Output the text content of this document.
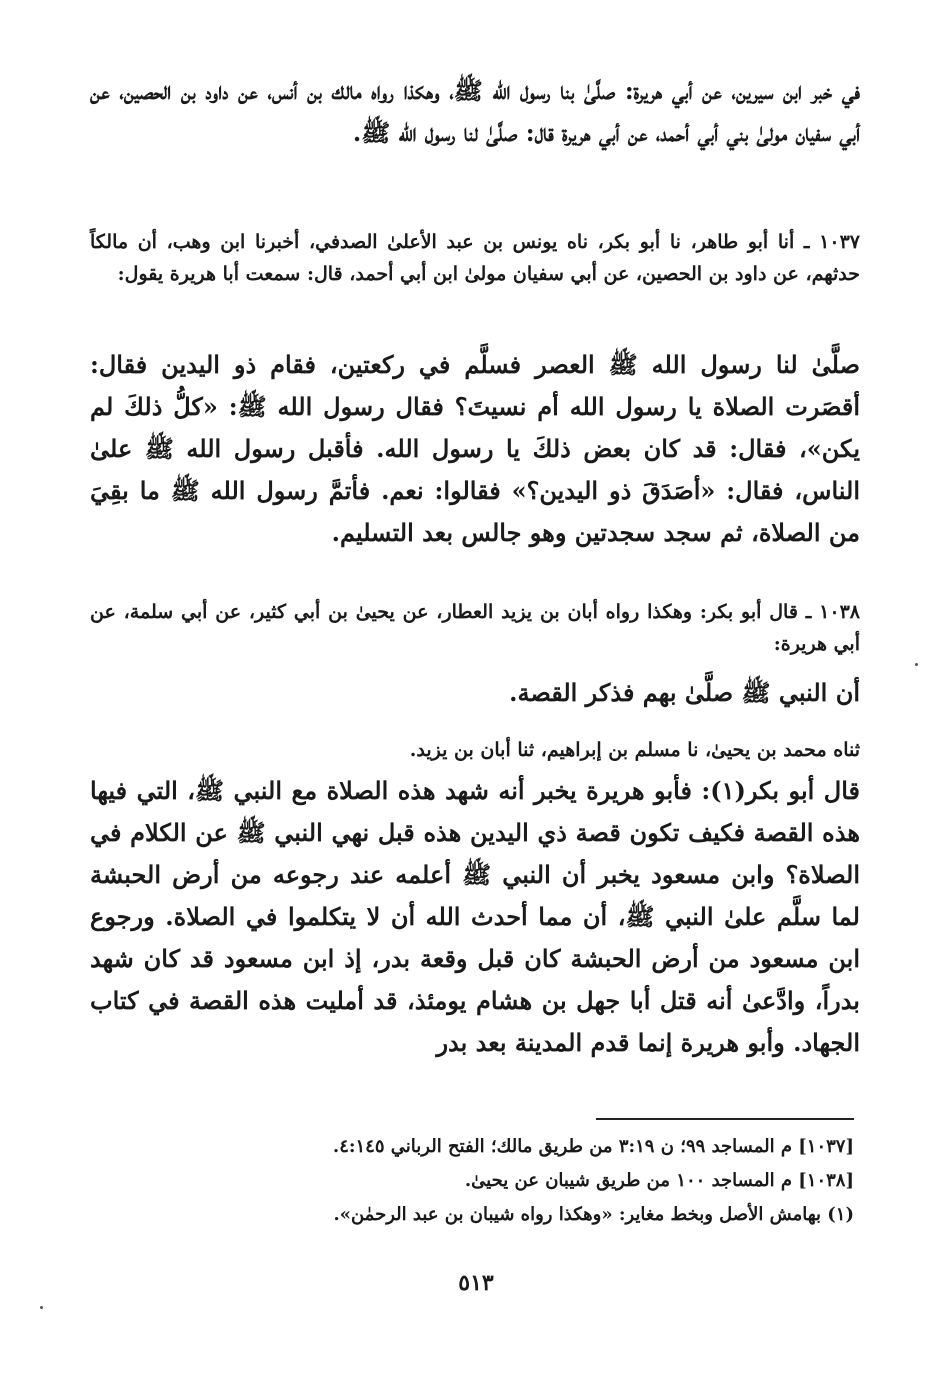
في خبر ابن سيرين، عن أبي هريرة: صلَّىٰ بنا رسول الله ﷺ، وهكذا رواه مالك بن أنس، عن داود بن الحصين، عن أبي سفيان مولىٰ بني أبي أحمد، عن أبي هريرة قال: صلَّىٰ لنا رسول الله ﷺ.

١٠٣٧ ـ أنا أبو طاهر، نا أبو بكر، ناه يونس بن عبد الأعلىٰ الصدفي، أخبرنا ابن وهب، أن مالكاً حدثهم، عن داود بن الحصين، عن أبي سفيان مولىٰ ابن أبي أحمد، قال: سمعت أبا هريرة يقول:

صلَّىٰ لنا رسول الله ﷺ العصر فسلَّم في ركعتين، فقام ذو اليدين فقال: أقصَرت الصلاة يا رسول الله أم نسيتَ؟ فقال رسول الله ﷺ: «كلُّ ذلكَ لم يكن»، فقال: قد كان بعض ذلكَ يا رسول الله. فأقبل رسول الله ﷺ علىٰ الناس، فقال: «أصَدَقَ ذو اليدين؟» فقالوا: نعم. فأتمَّ رسول الله ﷺ ما بقِيَ من الصلاة، ثم سجد سجدتين وهو جالس بعد التسليم.

١٠٣٨ ـ قال أبو بكر: وهكذا رواه أبان بن يزيد العطار، عن يحيىٰ بن أبي كثير، عن أبي سلمة، عن أبي هريرة:

أن النبي ﷺ صلَّىٰ بهم فذكر القصة.

ثناه محمد بن يحيىٰ، نا مسلم بن إبراهيم، ثنا أبان بن يزيد.

قال أبو بكر(١): فأبو هريرة يخبر أنه شهد هذه الصلاة مع النبي ﷺ، التي فيها هذه القصة فكيف تكون قصة ذي اليدين هذه قبل نهي النبي ﷺ عن الكلام في الصلاة؟ وابن مسعود يخبر أن النبي ﷺ أعلمه عند رجوعه من أرض الحبشة لما سلَّم علىٰ النبي ﷺ، أن مما أحدث الله أن لا يتكلموا في الصلاة. ورجوع ابن مسعود من أرض الحبشة كان قبل وقعة بدر، إذ ابن مسعود قد كان شهد بدراً، وادَّعىٰ أنه قتل أبا جهل بن هشام يومئذ، قد أمليت هذه القصة في كتاب الجهاد. وأبو هريرة إنما قدم المدينة بعد بدر

[١٠٣٧] م المساجد ٩٩؛ ن ٣:١٩ من طريق مالك؛ الفتح الرباني ٤:١٤٥.

[١٠٣٨] م المساجد ١٠٠ من طريق شيبان عن يحيىٰ.

(١) بهامش الأصل وبخط مغاير: «وهكذا رواه شيبان بن عبد الرحمٰن».

٥١٣
